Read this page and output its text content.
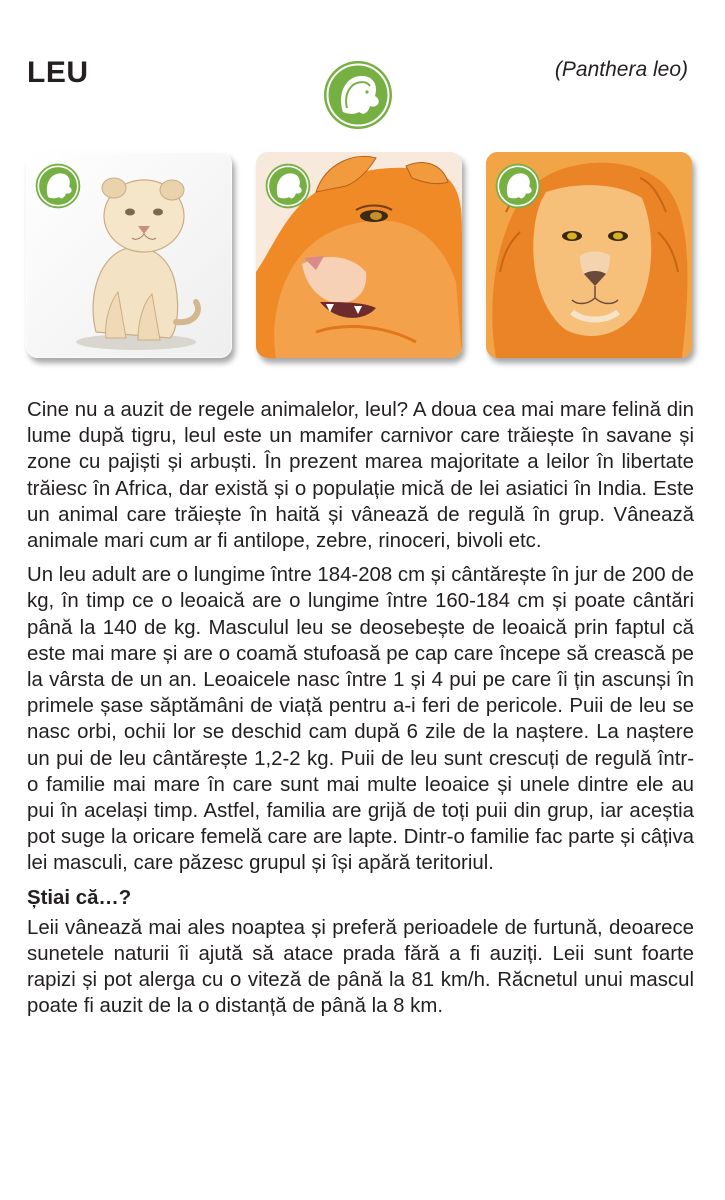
LEU	(Panthera leo)

Cine nu a auzit de regele animalelor, leul? A doua cea mai mare felină din lume după tigru, leul este un mamifer carnivor care trăiește în savane și zone cu pajiști și arbuști. În prezent marea majoritate a leilor în libertate trăiesc în Africa, dar există și o populație mică de lei asiatici în India. Este un animal care trăiește în haită și vânează de regulă în grup. Vânează animale mari cum ar fi antilope, zebre, rinoceri, bivoli etc.

Un leu adult are o lungime între 184-208 cm și cântărește în jur de 200 de kg, în timp ce o leoaică are o lungime între 160-184 cm și poate cântări până la 140 de kg. Masculul leu se deosebește de leoaică prin faptul că este mai mare și are o coamă stufoasă pe cap care începe să crească pe la vârsta de un an. Leoaicele nasc între 1 și 4 pui pe care îi țin ascunși în primele șase săptămâni de viață pentru a-i feri de pericole. Puii de leu se nasc orbi, ochii lor se deschid cam după 6 zile de la naștere. La naștere un pui de leu cântărește 1,2-2 kg. Puii de leu sunt crescuți de regulă într-o familie mai mare în care sunt mai multe leoaice și unele dintre ele au pui în același timp. Astfel, familia are grijă de toți puii din grup, iar aceștia pot suge la oricare femelă care are lapte. Dintr-o familie fac parte și câțiva lei masculi, care păzesc grupul și își apără teritoriul.

Știai că…?

Leii vânează mai ales noaptea și preferă perioadele de furtună, deoarece sunetele naturii îi ajută să atace prada fără a fi auziți. Leii sunt foarte rapizi și pot alerga cu o viteză de până la 81 km/h. Răcnetul unui mascul poate fi auzit de la o distanță de până la 8 km.
